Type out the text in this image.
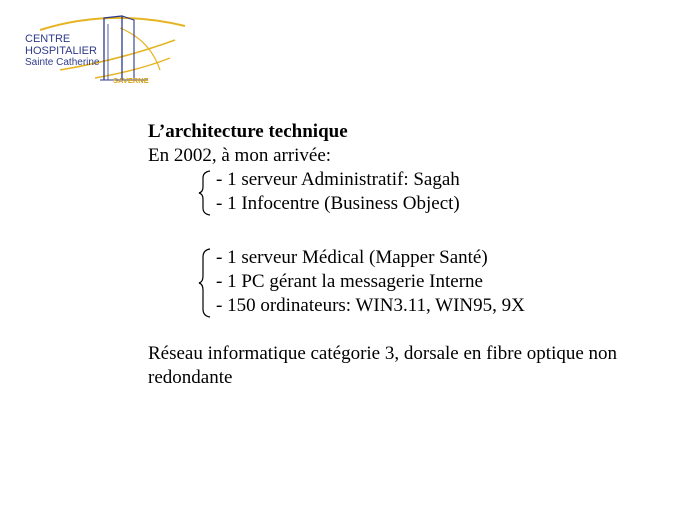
CENTRE
HOSPITALIER
Sainte Catherine
SAVERNE
L’architecture technique
En 2002, à mon arrivée:
- 1 serveur Administratif: Sagah
- 1 Infocentre (Business Object)
- 1 serveur Médical (Mapper Santé)
- 1 PC gérant la messagerie Interne
- 150 ordinateurs: WIN3.11, WIN95, 9X
Réseau informatique catégorie 3, dorsale en fibre optique non redondante
